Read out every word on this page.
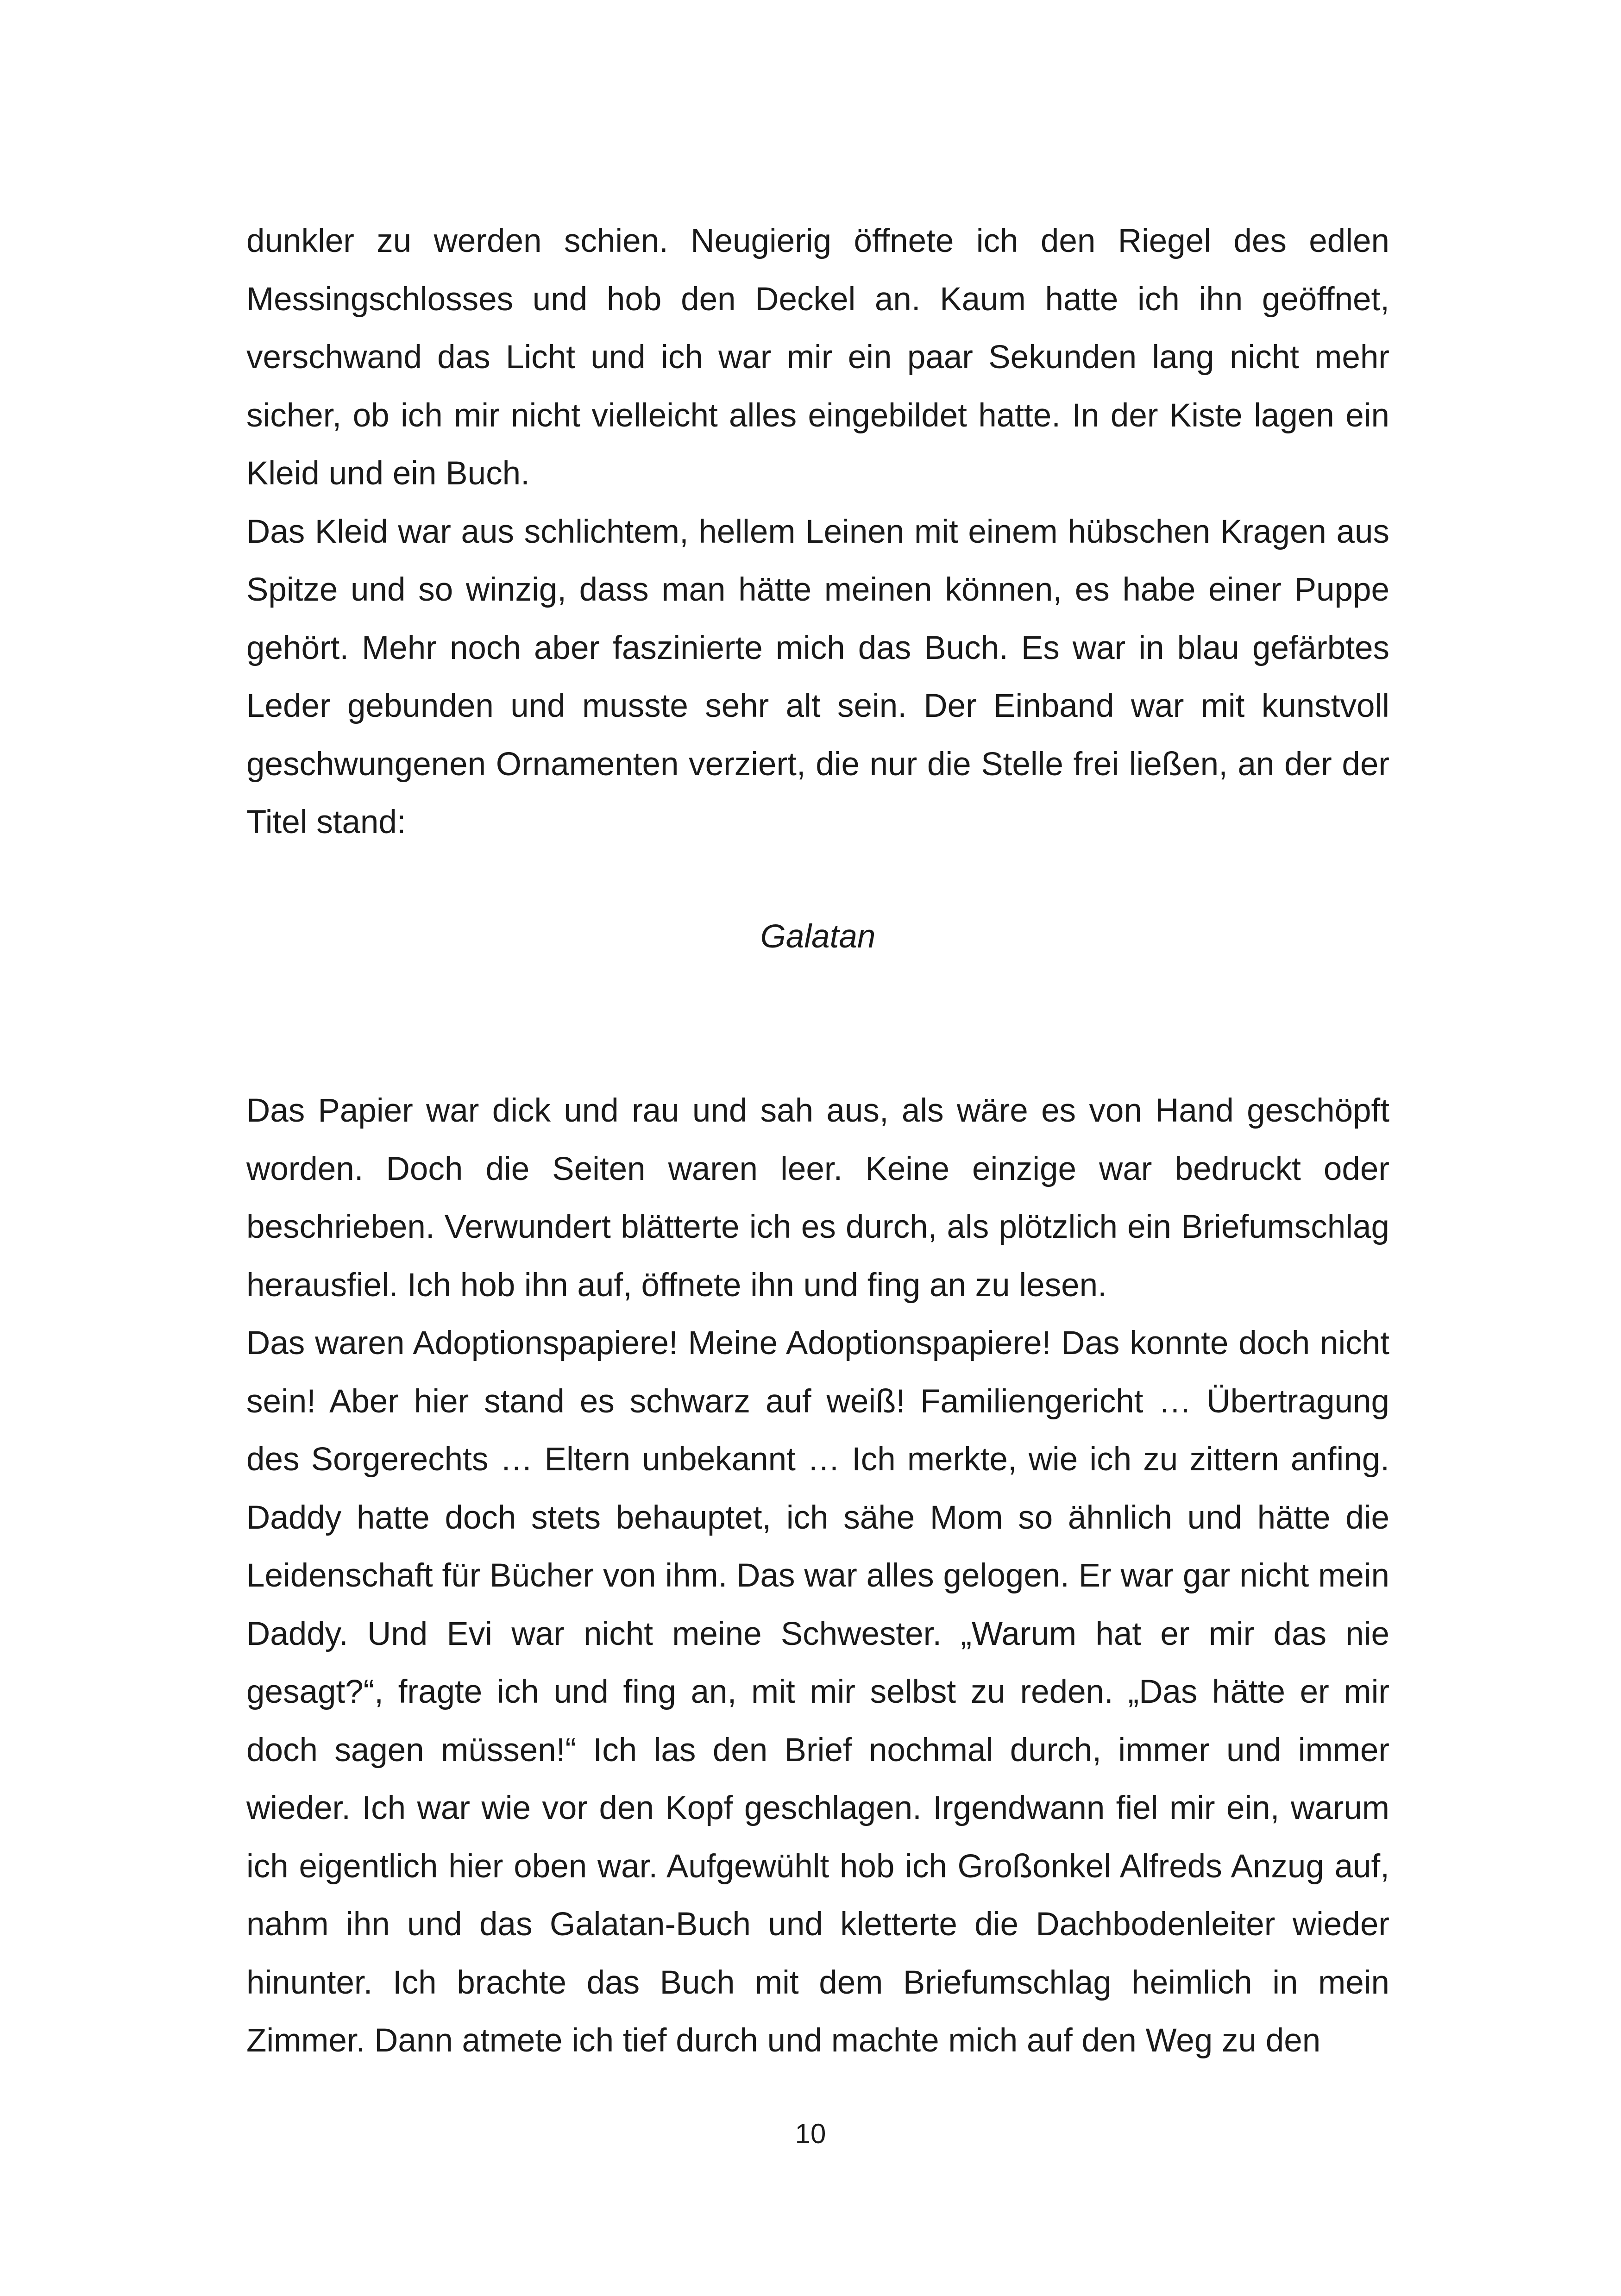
dunkler zu werden schien. Neugierig öffnete ich den Riegel des edlen Messingschlosses und hob den Deckel an. Kaum hatte ich ihn geöffnet, verschwand das Licht und ich war mir ein paar Sekunden lang nicht mehr sicher, ob ich mir nicht vielleicht alles eingebildet hatte. In der Kiste lagen ein Kleid und ein Buch.

Das Kleid war aus schlichtem, hellem Leinen mit einem hübschen Kragen aus Spitze und so winzig, dass man hätte meinen können, es habe einer Puppe gehört. Mehr noch aber faszinierte mich das Buch. Es war in blau gefärbtes Leder gebunden und musste sehr alt sein. Der Einband war mit kunstvoll geschwungenen Ornamenten verziert, die nur die Stelle frei ließen, an der der Titel stand:

Galatan

Das Papier war dick und rau und sah aus, als wäre es von Hand geschöpft worden. Doch die Seiten waren leer. Keine einzige war bedruckt oder beschrieben. Verwundert blätterte ich es durch, als plötzlich ein Briefumschlag herausfiel. Ich hob ihn auf, öffnete ihn und fing an zu lesen.

Das waren Adoptionspapiere! Meine Adoptionspapiere! Das konnte doch nicht sein! Aber hier stand es schwarz auf weiß! Familiengericht … Übertragung des Sorgerechts … Eltern unbekannt … Ich merkte, wie ich zu zittern anfing. Daddy hatte doch stets behauptet, ich sähe Mom so ähnlich und hätte die Leidenschaft für Bücher von ihm. Das war alles gelogen. Er war gar nicht mein Daddy. Und Evi war nicht meine Schwester. „Warum hat er mir das nie gesagt?“, fragte ich und fing an, mit mir selbst zu reden. „Das hätte er mir doch sagen müssen!“ Ich las den Brief nochmal durch, immer und immer wieder. Ich war wie vor den Kopf geschlagen. Irgendwann fiel mir ein, warum ich eigentlich hier oben war. Aufgewühlt hob ich Großonkel Alfreds Anzug auf, nahm ihn und das Galatan-Buch und kletterte die Dachbodenleiter wieder hinunter. Ich brachte das Buch mit dem Briefumschlag heimlich in mein Zimmer. Dann atmete ich tief durch und machte mich auf den Weg zu den

10
